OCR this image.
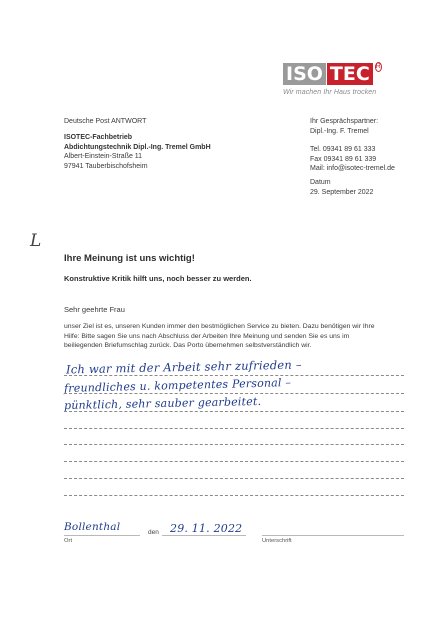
ISO TEC R
Wir machen Ihr Haus trocken
Deutsche Post ANTWORT
ISOTEC-Fachbetrieb
Abdichtungstechnik Dipl.-Ing. Tremel GmbH
Albert-Einstein-Straße 11
97941 Tauberbischofsheim
Ihr Gesprächspartner:
Dipl.-Ing. F. Tremel
Tel. 09341 89 61 333
Fax 09341 89 61 339
Mail: info@isotec-tremel.de
Datum
29. September 2022
L
Ihre Meinung ist uns wichtig!
Konstruktive Kritik hilft uns, noch besser zu werden.
Sehr geehrte Frau
unser Ziel ist es, unseren Kunden immer den bestmöglichen Service zu bieten. Dazu benötigen wir Ihre
Hilfe: Bitte sagen Sie uns nach Abschluss der Arbeiten Ihre Meinung und senden Sie es uns im
beiliegenden Briefumschlag zurück. Das Porto übernehmen selbstverständlich wir.
Ich war mit der Arbeit sehr zufrieden –
freundliches u. kompetentes Personal –
pünktlich, sehr sauber gearbeitet.
Bollenthal
Ort
den 29. 11. 2022
Unterschrift
